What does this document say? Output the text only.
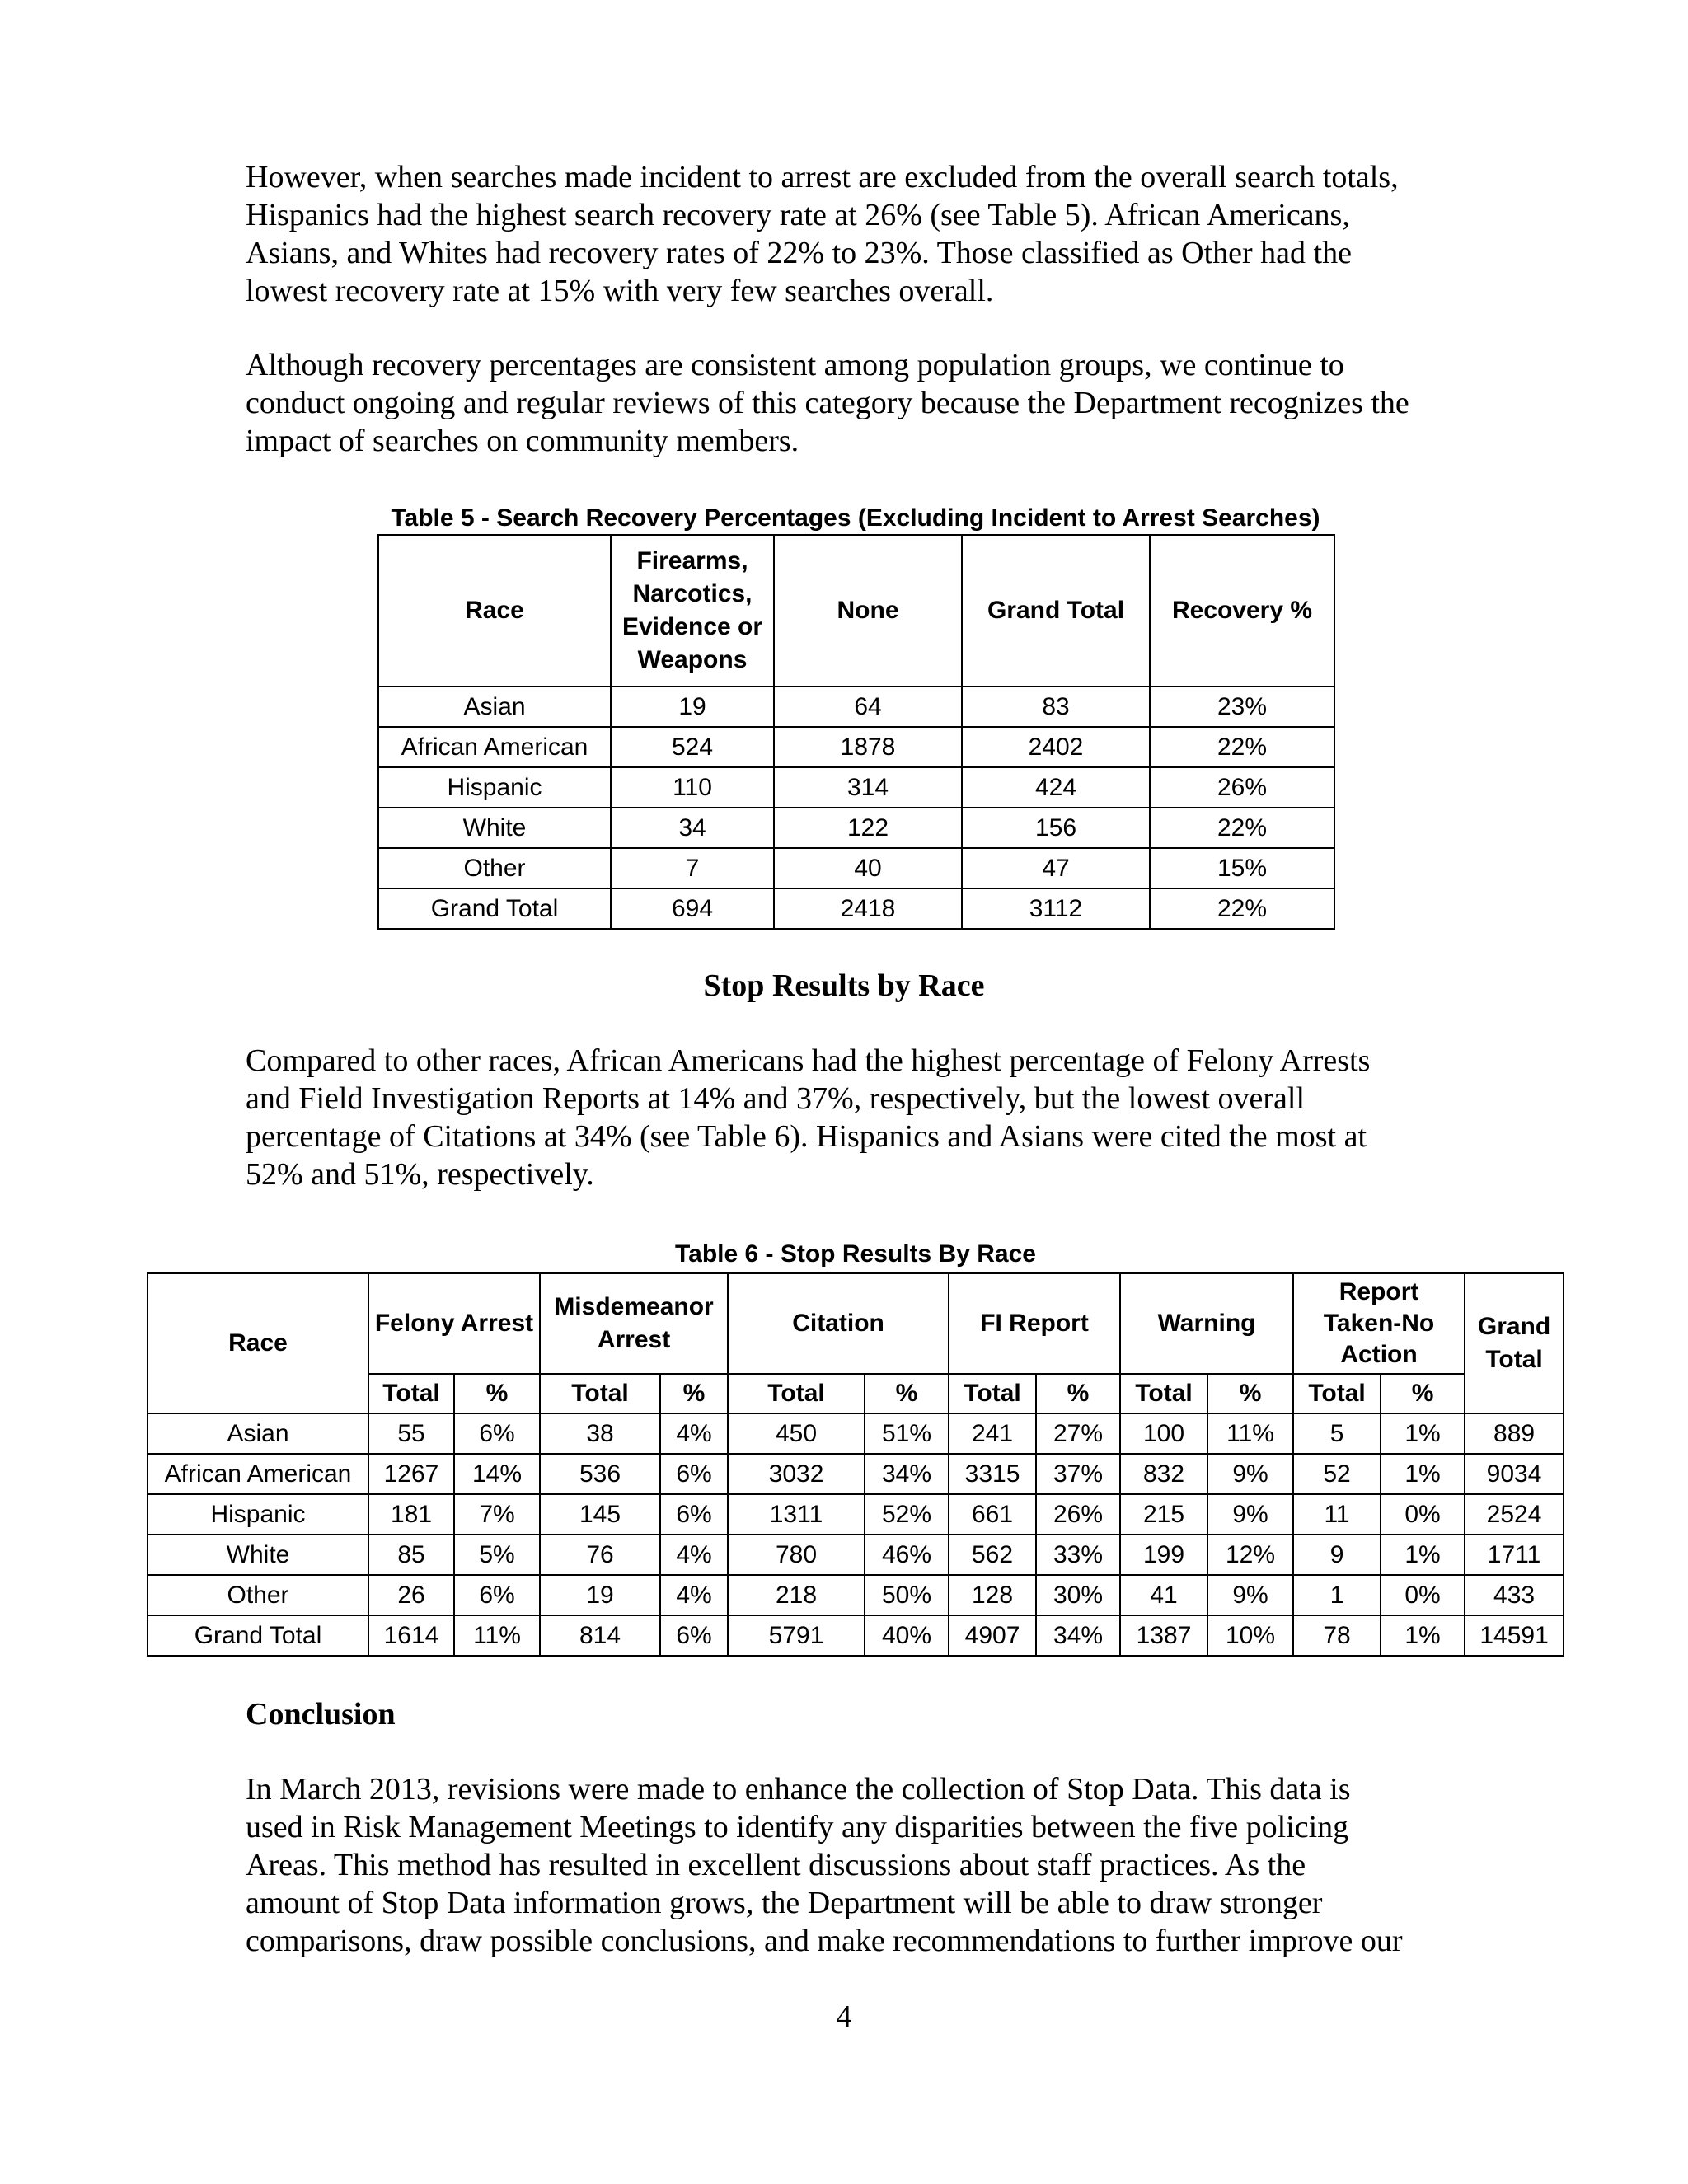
However, when searches made incident to arrest are excluded from the overall search totals,
Hispanics had the highest search recovery rate at 26% (see Table 5). African Americans,
Asians, and Whites had recovery rates of 22% to 23%. Those classified as Other had the
lowest recovery rate at 15% with very few searches overall.

Although recovery percentages are consistent among population groups, we continue to
conduct ongoing and regular reviews of this category because the Department recognizes the
impact of searches on community members.

Table 5 - Search Recovery Percentages (Excluding Incident to Arrest Searches)
Race	Firearms, Narcotics, Evidence or Weapons	None	Grand Total	Recovery %
Asian	19	64	83	23%
African American	524	1878	2402	22%
Hispanic	110	314	424	26%
White	34	122	156	22%
Other	7	40	47	15%
Grand Total	694	2418	3112	22%
Stop Results by Race

Compared to other races, African Americans had the highest percentage of Felony Arrests
and Field Investigation Reports at 14% and 37%, respectively, but the lowest overall
percentage of Citations at 34% (see Table 6). Hispanics and Asians were cited the most at
52% and 51%, respectively.

Table 6 - Stop Results By Race
Race	Felony Arrest		Misdemeanor Arrest		Citation		FI Report		Warning		Report Taken-No Action		Grand Total
	Total	%	Total	%	Total	%	Total	%	Total	%	Total	%	
Asian	55	6%	38	4%	450	51%	241	27%	100	11%	5	1%	889
African American	1267	14%	536	6%	3032	34%	3315	37%	832	9%	52	1%	9034
Hispanic	181	7%	145	6%	1311	52%	661	26%	215	9%	11	0%	2524
White	85	5%	76	4%	780	46%	562	33%	199	12%	9	1%	1711
Other	26	6%	19	4%	218	50%	128	30%	41	9%	1	0%	433
Grand Total	1614	11%	814	6%	5791	40%	4907	34%	1387	10%	78	1%	14591
Conclusion

In March 2013, revisions were made to enhance the collection of Stop Data. This data is
used in Risk Management Meetings to identify any disparities between the five policing
Areas. This method has resulted in excellent discussions about staff practices. As the
amount of Stop Data information grows, the Department will be able to draw stronger
comparisons, draw possible conclusions, and make recommendations to further improve our

4
